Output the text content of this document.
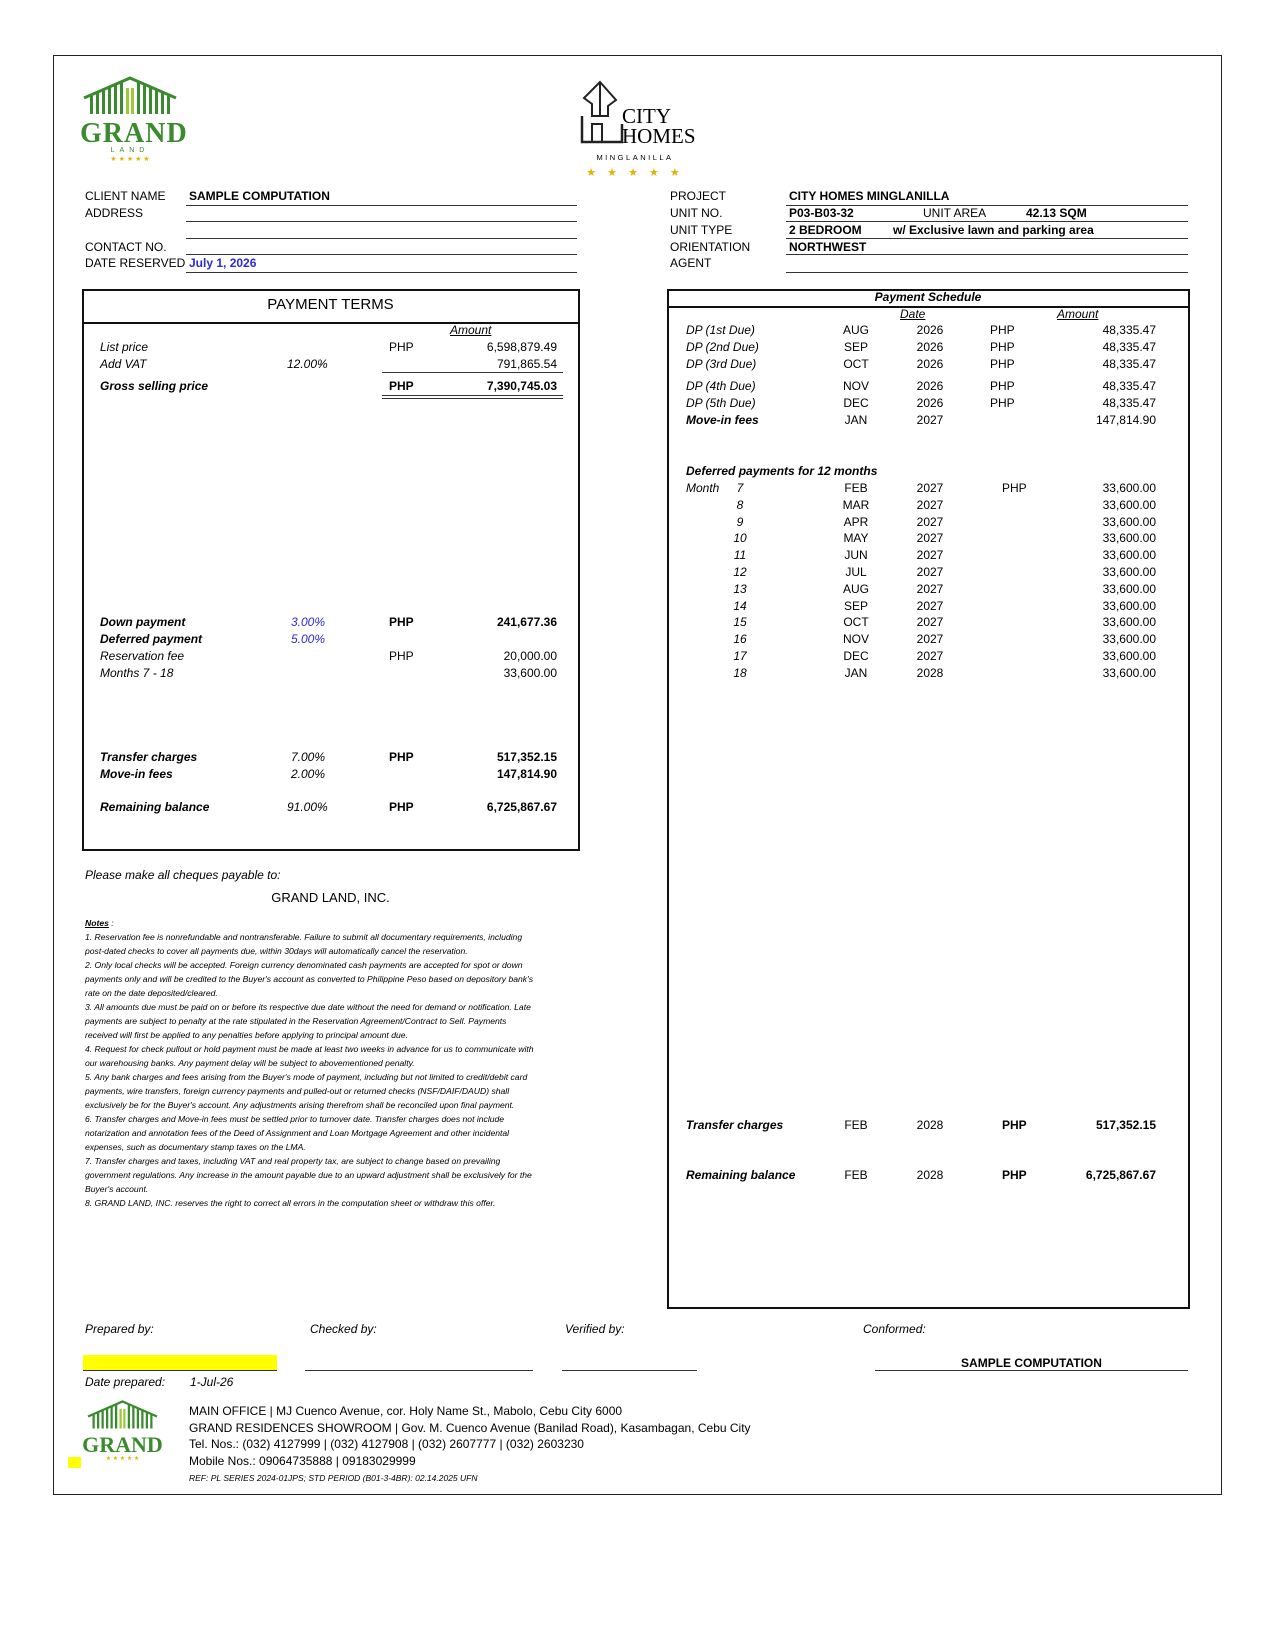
GRAND
LAND
★ ★ ★ ★ ★
CITY
HOMES
MINGLANILLA
★ ★ ★ ★ ★
CLIENT NAME SAMPLE COMPUTATION
ADDRESS
CONTACT NO.
DATE RESERVED July 1, 2026
PROJECT	CITY HOMES MINGLANILLA
UNIT NO.	P03-B03-32	UNIT AREA	42.13 SQM
UNIT TYPE	2 BEDROOM	w/ Exclusive lawn and parking area
ORIENTATION	NORTHWEST
AGENT
PAYMENT TERMS
Amount
List price	PHP	6,598,879.49
Add VAT	12.00%	791,865.54
Gross selling price	PHP	7,390,745.03
Down payment	3.00%	PHP	241,677.36
Deferred payment	5.00%
Reservation fee	PHP	20,000.00
Months 7 - 18	33,600.00
Transfer charges	7.00%	PHP	517,352.15
Move-in fees	2.00%	147,814.90
Remaining balance	91.00%	PHP	6,725,867.67
Payment Schedule
Date	Amount
DP (1st Due)	AUG	2026	PHP	48,335.47
DP (2nd Due)	SEP	2026	PHP	48,335.47
DP (3rd Due)	OCT	2026	PHP	48,335.47
DP (4th Due)	NOV	2026	PHP	48,335.47
DP (5th Due)	DEC	2026	PHP	48,335.47
Move-in fees	JAN	2027	147,814.90
Deferred payments for 12 months
Month	7	FEB	2027	PHP	33,600.00
8	MAR	2027	33,600.00
9	APR	2027	33,600.00
10	MAY	2027	33,600.00
11	JUN	2027	33,600.00
12	JUL	2027	33,600.00
13	AUG	2027	33,600.00
14	SEP	2027	33,600.00
15	OCT	2027	33,600.00
16	NOV	2027	33,600.00
17	DEC	2027	33,600.00
18	JAN	2028	33,600.00
Transfer charges	FEB	2028	PHP	517,352.15
Remaining balance	FEB	2028	PHP	6,725,867.67
Please make all cheques payable to:
GRAND LAND, INC.

Notes :

1. Reservation fee is nonrefundable and nontransferable. Failure to submit all documentary requirements, including

post-dated checks to cover all payments due, within 30days will automatically cancel the reservation.

2. Only local checks will be accepted. Foreign currency denominated cash payments are accepted for spot or down

payments only and will be credited to the Buyer's account as converted to Philippine Peso based on depository bank's

rate on the date deposited/cleared.

3. All amounts due must be paid on or before its respective due date without the need for demand or notification. Late

payments are subject to penalty at the rate stipulated in the Reservation Agreement/Contract to Sell. Payments

received will first be applied to any penalties before applying to principal amount due.

4. Request for check pullout or hold payment must be made at least two weeks in advance for us to communicate with

our warehousing banks. Any payment delay will be subject to abovementioned penalty.

5. Any bank charges and fees arising from the Buyer's mode of payment, including but not limited to credit/debit card

payments, wire transfers, foreign currency payments and pulled-out or returned checks (NSF/DAIF/DAUD) shall

exclusively be for the Buyer's account. Any adjustments arising therefrom shall be reconciled upon final payment.

6. Transfer charges and Move-in fees must be settled prior to turnover date. Transfer charges does not include

notarization and annotation fees of the Deed of Assignment and Loan Mortgage Agreement and other incidental

expenses, such as documentary stamp taxes on the LMA.

7. Transfer charges and taxes, including VAT and real property tax, are subject to change based on prevailing

government regulations. Any increase in the amount payable due to an upward adjustment shall be exclusively for the

Buyer's account.

8. GRAND LAND, INC. reserves the right to correct all errors in the computation sheet or withdraw this offer.

Prepared by:	Checked by:	Verified by:	Conformed:
SAMPLE COMPUTATION
Date prepared: 1-Jul-26
GRAND
★ ★ ★ ★ ★
MAIN OFFICE | MJ Cuenco Avenue, cor. Holy Name St., Mabolo, Cebu City 6000
GRAND RESIDENCES SHOWROOM | Gov. M. Cuenco Avenue (Banilad Road), Kasambagan, Cebu City
Tel. Nos.: (032) 4127999 | (032) 4127908 | (032) 2607777 | (032) 2603230
Mobile Nos.: 09064735888 | 09183029999
REF: PL SERIES 2024-01JPS; STD PERIOD (B01-3-4BR): 02.14.2025 UFN
